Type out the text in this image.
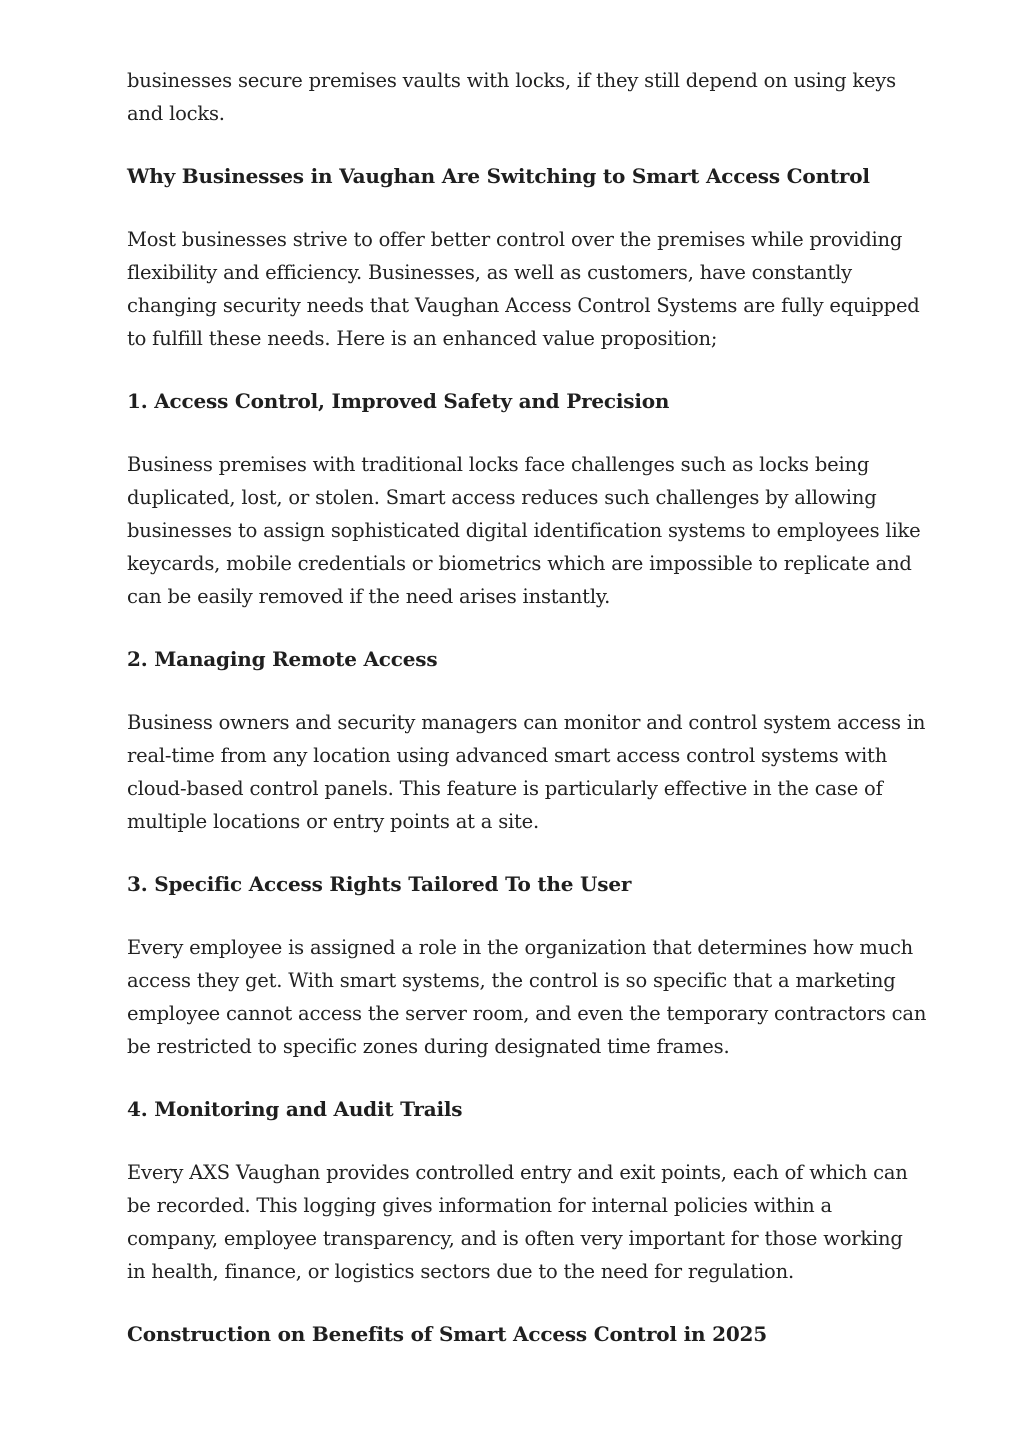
businesses secure premises vaults with locks, if they still depend on using keys and locks.

Why Businesses in Vaughan Are Switching to Smart Access Control

Most businesses strive to offer better control over the premises while providing flexibility and efficiency. Businesses, as well as customers, have constantly changing security needs that Vaughan Access Control Systems are fully equipped to fulfill these needs. Here is an enhanced value proposition;

1. Access Control, Improved Safety and Precision

Business premises with traditional locks face challenges such as locks being duplicated, lost, or stolen. Smart access reduces such challenges by allowing businesses to assign sophisticated digital identification systems to employees like keycards, mobile credentials or biometrics which are impossible to replicate and can be easily removed if the need arises instantly.

2. Managing Remote Access

Business owners and security managers can monitor and control system access in real-time from any location using advanced smart access control systems with cloud-based control panels. This feature is particularly effective in the case of multiple locations or entry points at a site.

3. Specific Access Rights Tailored To the User

Every employee is assigned a role in the organization that determines how much access they get. With smart systems, the control is so specific that a marketing employee cannot access the server room, and even the temporary contractors can be restricted to specific zones during designated time frames.

4. Monitoring and Audit Trails

Every AXS Vaughan provides controlled entry and exit points, each of which can be recorded. This logging gives information for internal policies within a company, employee transparency, and is often very important for those working in health, finance, or logistics sectors due to the need for regulation.

Construction on Benefits of Smart Access Control in 2025
